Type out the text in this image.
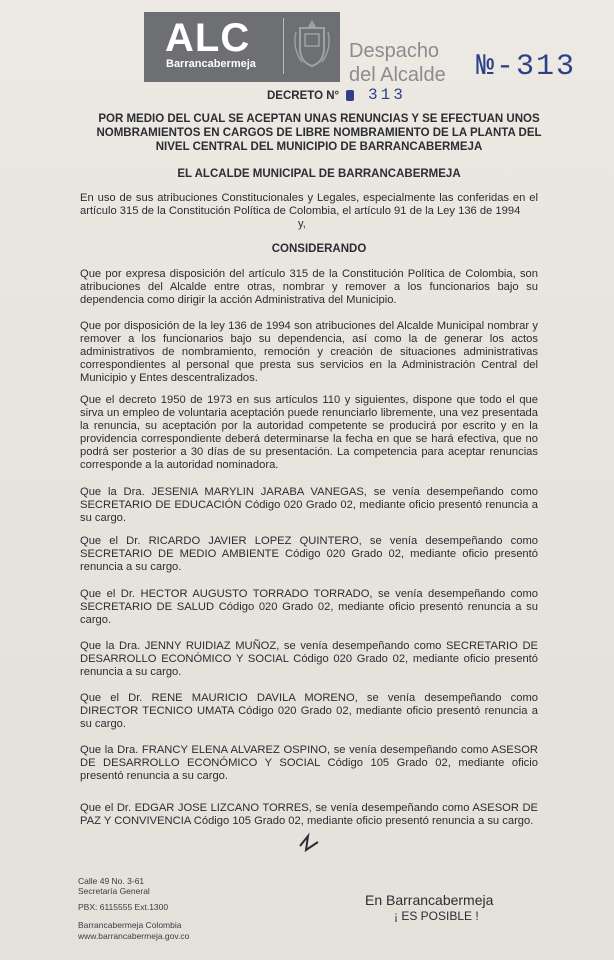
ALC
Barrancabermeja
Despacho
del Alcalde №-313
DECRETO N° 313
POR MEDIO DEL CUAL SE ACEPTAN UNAS RENUNCIAS Y SE EFECTUAN UNOS NOMBRAMIENTOS EN CARGOS DE LIBRE NOMBRAMIENTO DE LA PLANTA DEL NIVEL CENTRAL DEL MUNICIPIO DE BARRANCABERMEJA
EL ALCALDE MUNICIPAL DE BARRANCABERMEJA
En uso de sus atribuciones Constitucionales y Legales, especialmente las conferidas en el artículo 315 de la Constitución Política de Colombia, el artículo 91 de la Ley 136 de 1994
y,
CONSIDERANDO
Que por expresa disposición del artículo 315 de la Constitución Política de Colombia, son atribuciones del Alcalde entre otras, nombrar y remover a los funcionarios bajo su dependencia como dirigir la acción Administrativa del Municipio.
Que por disposición de la ley 136 de 1994 son atribuciones del Alcalde Municipal nombrar y remover a los funcionarios bajo su dependencia, así como la de generar los actos administrativos de nombramiento, remoción y creación de situaciones administrativas correspondientes al personal que presta sus servicios en la Administración Central del Municipio y Entes descentralizados.
Que el decreto 1950 de 1973 en sus artículos 110 y siguientes, dispone que todo el que sirva un empleo de voluntaria aceptación puede renunciarlo libremente, una vez presentada la renuncia, su aceptación por la autoridad competente se producirá por escrito y en la providencia correspondiente deberá determinarse la fecha en que se hará efectiva, que no podrá ser posterior a 30 días de su presentación. La competencia para aceptar renuncias corresponde a la autoridad nominadora.
Que la Dra. JESENIA MARYLIN JARABA VANEGAS, se venía desempeñando como SECRETARIO DE EDUCACIÓN Código 020 Grado 02, mediante oficio presentó renuncia a su cargo.
Que el Dr. RICARDO JAVIER LOPEZ QUINTERO, se venía desempeñando como SECRETARIO DE MEDIO AMBIENTE Código 020 Grado 02, mediante oficio presentó renuncia a su cargo.
Que el Dr. HECTOR AUGUSTO TORRADO TORRADO, se venía desempeñando como SECRETARIO DE SALUD Código 020 Grado 02, mediante oficio presentó renuncia a su cargo.
Que la Dra. JENNY RUIDIAZ MUÑOZ, se venía desempeñando como SECRETARIO DE DESARROLLO ECONÓMICO Y SOCIAL Código 020 Grado 02, mediante oficio presentó renuncia a su cargo.
Que el Dr. RENE MAURICIO DAVILA MORENO, se venía desempeñando como DIRECTOR TECNICO UMATA Código 020 Grado 02, mediante oficio presentó renuncia a su cargo.
Que la Dra. FRANCY ELENA ALVAREZ OSPINO, se venía desempeñando como ASESOR DE DESARROLLO ECONÓMICO Y SOCIAL Código 105 Grado 02, mediante oficio presentó renuncia a su cargo.
Que el Dr. EDGAR JOSE LIZCANO TORRES, se venía desempeñando como ASESOR DE PAZ Y CONVIVENCIA Código 105 Grado 02, mediante oficio presentó renuncia a su cargo.
Calle 49 No. 3-61
Secretaría General
PBX: 6115555 Ext.1300
Barrancabermeja Colombia
www.barrancabermeja.gov.co
En Barrancabermeja
¡ ES POSIBLE !
